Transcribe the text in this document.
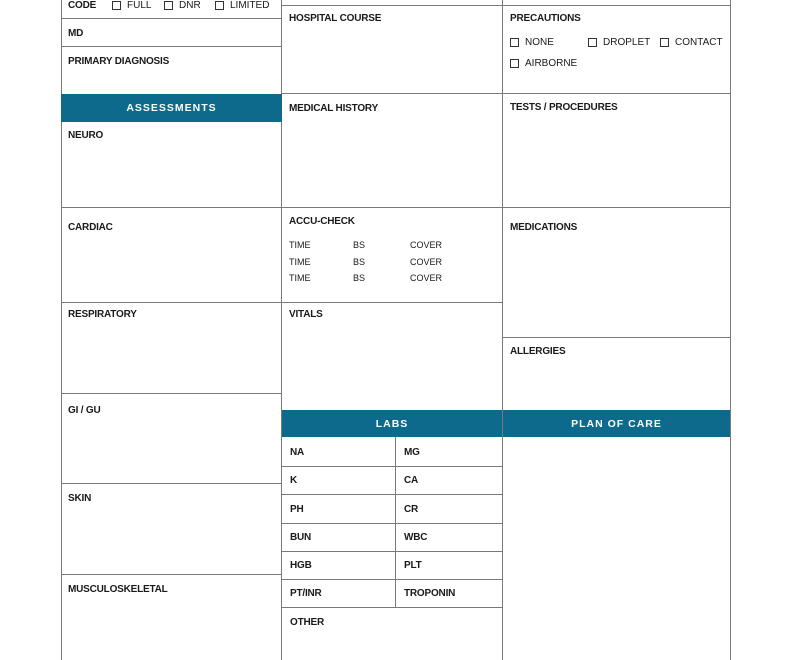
CODE	FULL	DNR	LIMITED
MD
PRIMARY DIAGNOSIS
ASSESSMENTS
NEURO
CARDIAC
RESPIRATORY
GI / GU
SKIN
MUSCULOSKELETAL
HOSPITAL COURSE
MEDICAL HISTORY
ACCU-CHECK
TIME	BS	COVER
TIME	BS	COVER
TIME	BS	COVER
VITALS
LABS
NA	MG
K	CA
PH	CR
BUN	WBC
HGB	PLT
PT/INR	TROPONIN
OTHER
PRECAUTIONS
NONE	DROPLET CONTACT
AIRBORNE
TESTS / PROCEDURES
MEDICATIONS
ALLERGIES
PLAN OF CARE
